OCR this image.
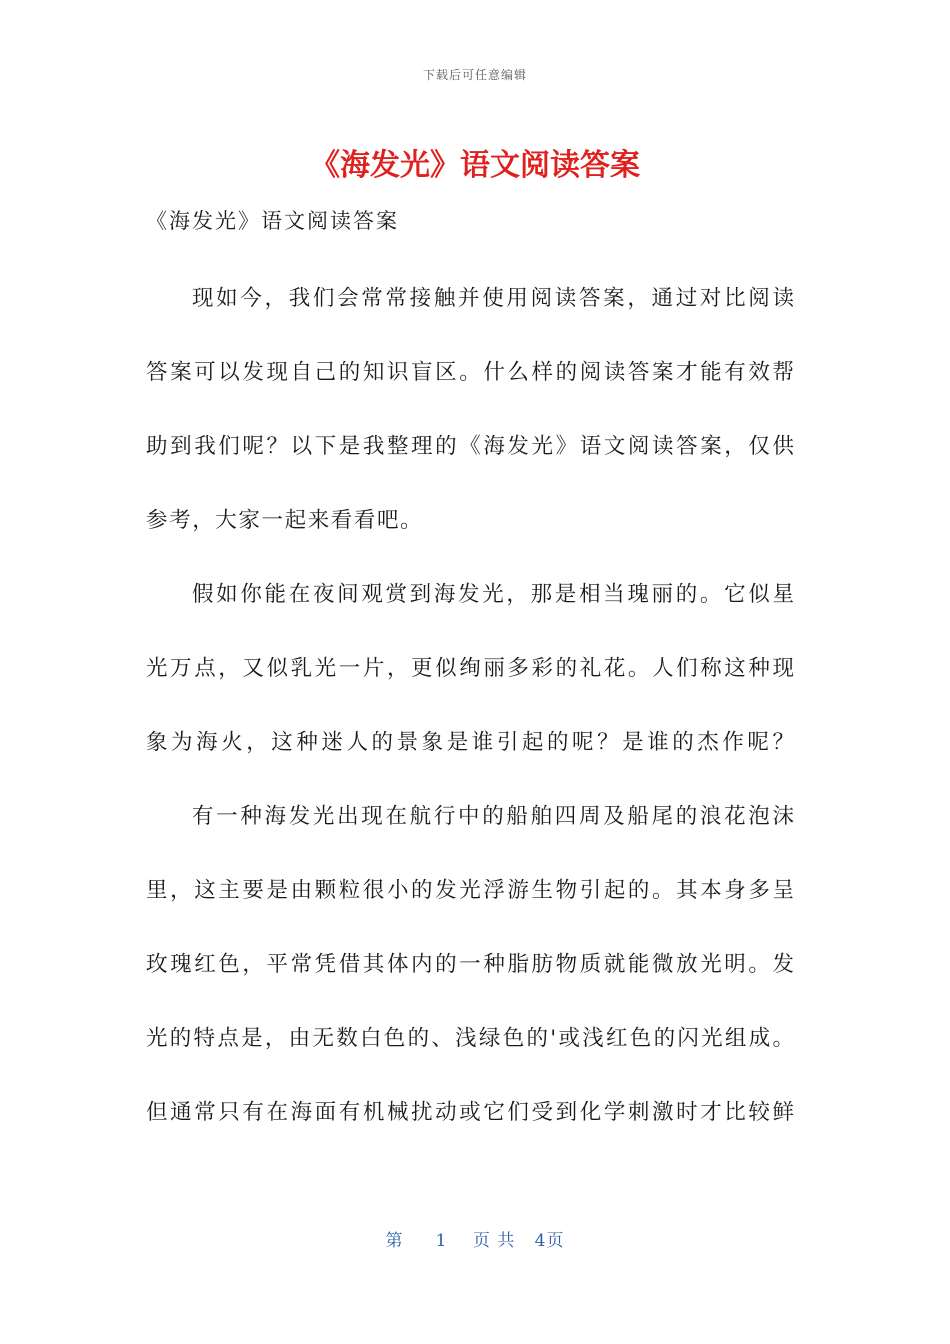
下载后可任意编辑
《海发光》语文阅读答案
《海发光》语文阅读答案
现如今，我们会常常接触并使用阅读答案，通过对比阅读
答案可以发现自己的知识盲区。什么样的阅读答案才能有效帮
助到我们呢？以下是我整理的《海发光》语文阅读答案，仅供
参考，大家一起来看看吧。
假如你能在夜间观赏到海发光，那是相当瑰丽的。它似星
光万点，又似乳光一片，更似绚丽多彩的礼花。人们称这种现
象为海火，这种迷人的景象是谁引起的呢？是谁的杰作呢？
有一种海发光出现在航行中的船舶四周及船尾的浪花泡沫
里，这主要是由颗粒很小的发光浮游生物引起的。其本身多呈
玫瑰红色，平常凭借其体内的一种脂肪物质就能微放光明。发
光的特点是，由无数白色的、浅绿色的'或浅红色的闪光组成。
但通常只有在海面有机械扰动或它们受到化学刺激时才比较鲜
第 1 页 共 4页
